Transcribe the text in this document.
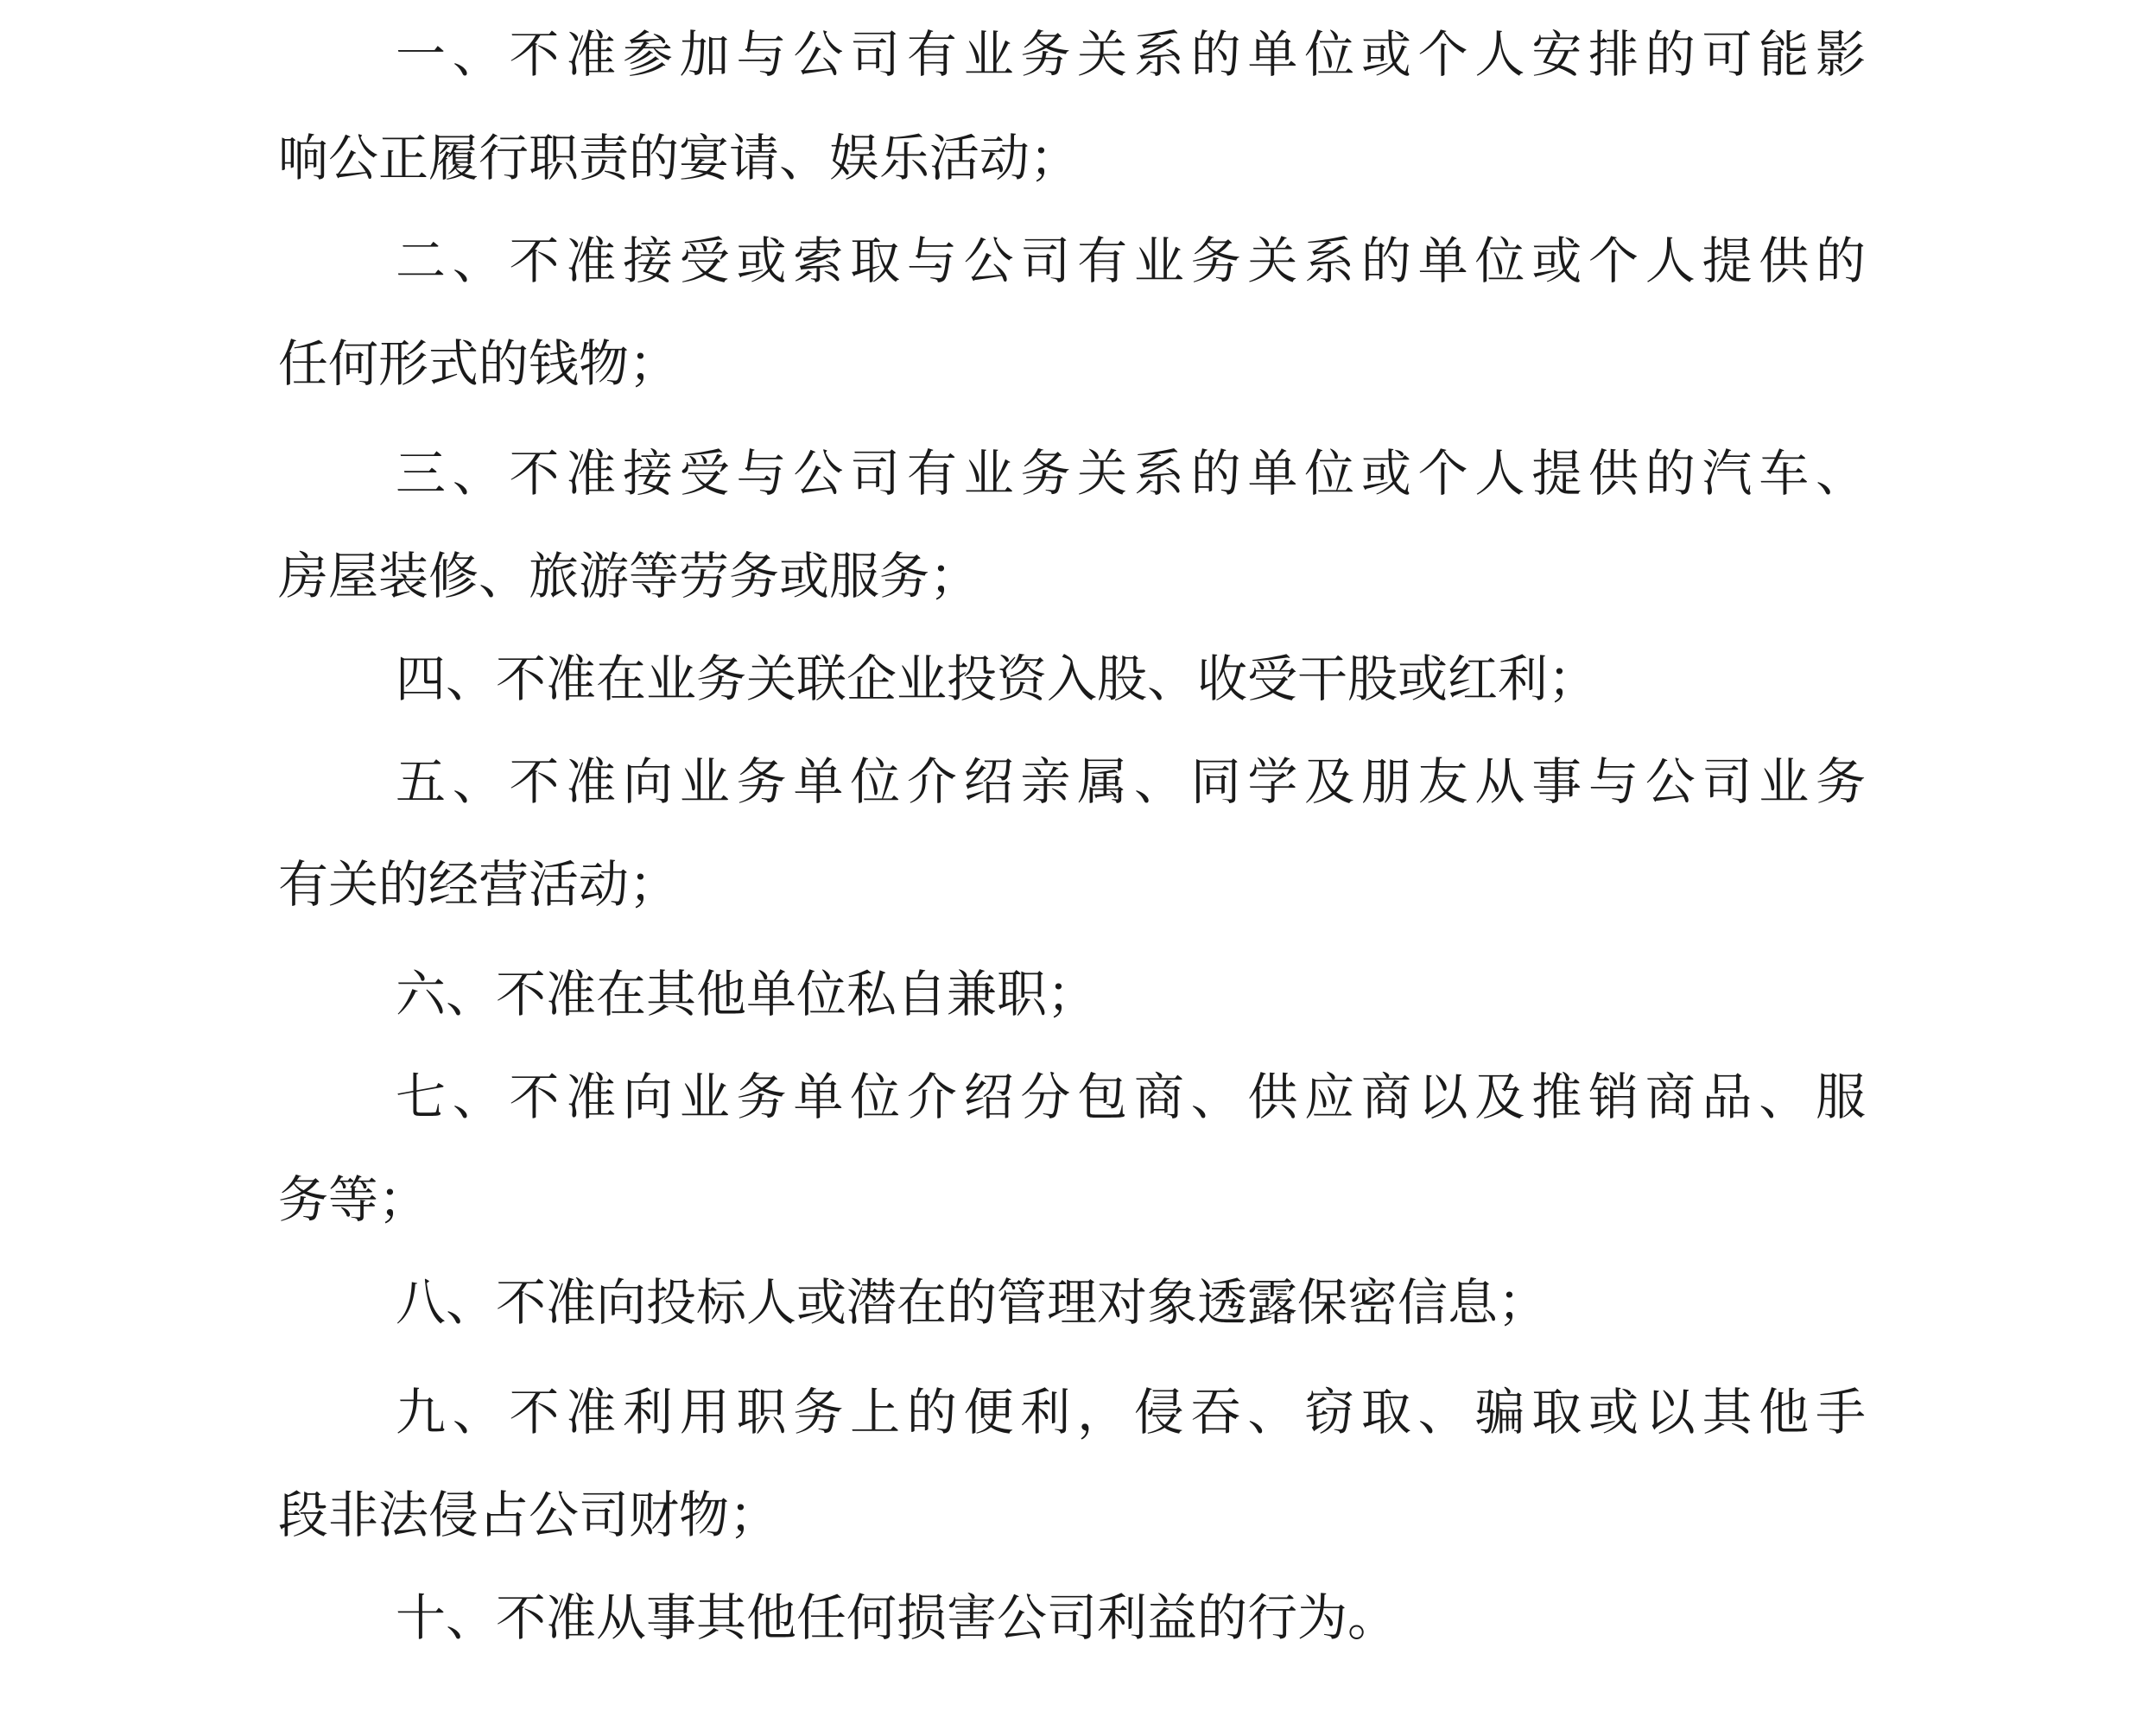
一、不准参加与公司有业务关系的单位或个人安排的可能影
响公正履行职责的宴请、娱乐活动；
二、不准接受或索取与公司有业务关系的单位或个人提供的
任何形式的钱物；
三、不准接受与公司有业务关系的单位或个人提供的汽车、
房屋装修、旅游等劳务或服务；
四、不准在业务关联企业投资入股、收受干股或红利；
五、不准向业务单位介绍亲属、同学及朋友从事与公司业务
有关的经营活动；
六、不准在其他单位私自兼职；
七、不准向业务单位介绍分包商、供应商以及推销商品、服
务等；
八、不准向投标人或潜在的管理对象透露保密信息；
九、不准利用职务上的便利，侵吞、窃取、骗取或以其他手
段非法侵占公司财物；
十、不准从事其他任何损害公司利益的行为。
